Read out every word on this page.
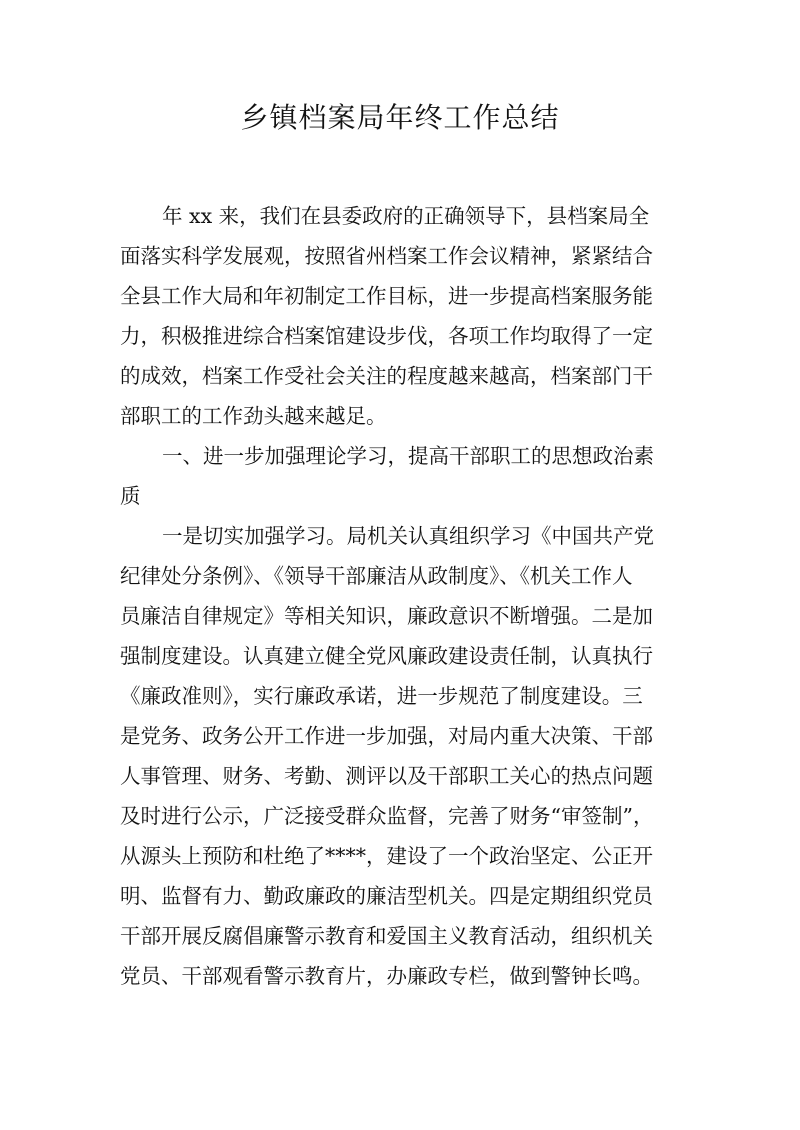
乡镇档案局年终工作总结
年 xx 来，我们在县委政府的正确领导下，县档案局全
面落实科学发展观，按照省州档案工作会议精神，紧紧结合
全县工作大局和年初制定工作目标，进一步提高档案服务能
力，积极推进综合档案馆建设步伐，各项工作均取得了一定
的成效，档案工作受社会关注的程度越来越高，档案部门干
部职工的工作劲头越来越足。
一、进一步加强理论学习，提高干部职工的思想政治素
质
一是切实加强学习。局机关认真组织学习《中国共产党
纪律处分条例》、《领导干部廉洁从政制度》、《机关工作人
员廉洁自律规定》等相关知识，廉政意识不断增强。二是加
强制度建设。认真建立健全党风廉政建设责任制，认真执行
《廉政准则》，实行廉政承诺，进一步规范了制度建设。三
是党务、政务公开工作进一步加强，对局内重大决策、干部
人事管理、财务、考勤、测评以及干部职工关心的热点问题
及时进行公示，广泛接受群众监督，完善了财务“审签制”，
从源头上预防和杜绝了****，建设了一个政治坚定、公正开
明、监督有力、勤政廉政的廉洁型机关。四是定期组织党员
干部开展反腐倡廉警示教育和爱国主义教育活动，组织机关
党员、干部观看警示教育片，办廉政专栏，做到警钟长鸣。
